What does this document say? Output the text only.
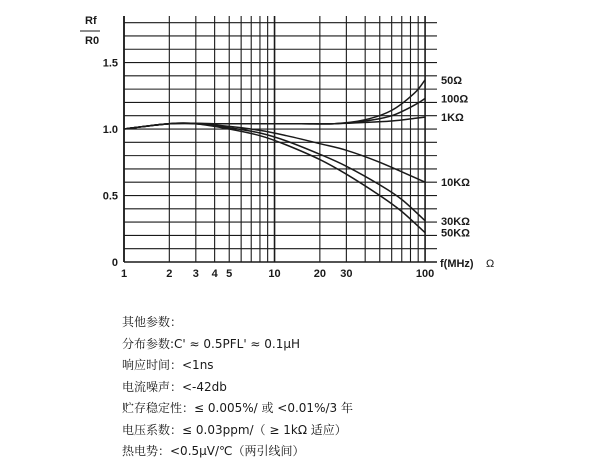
1	2 3 4 5	10	20 30	100
0
0.5
1.0
1.5
50Ω
100Ω
1KΩ
10KΩ
30KΩ
50KΩ
Rf
R0
f(MHz) Ω
其他参数：
分布参数:C' ≈ 0.5PFL' ≈ 0.1μH
响应时间：<1ns
电流噪声：<-42db
贮存稳定性：≤ 0.005%/ 或 <0.01%/3 年
电压系数：≤ 0.03ppm/（ ≥ 1kΩ 适应）
热电势：<0.5μV/℃（两引线间）
